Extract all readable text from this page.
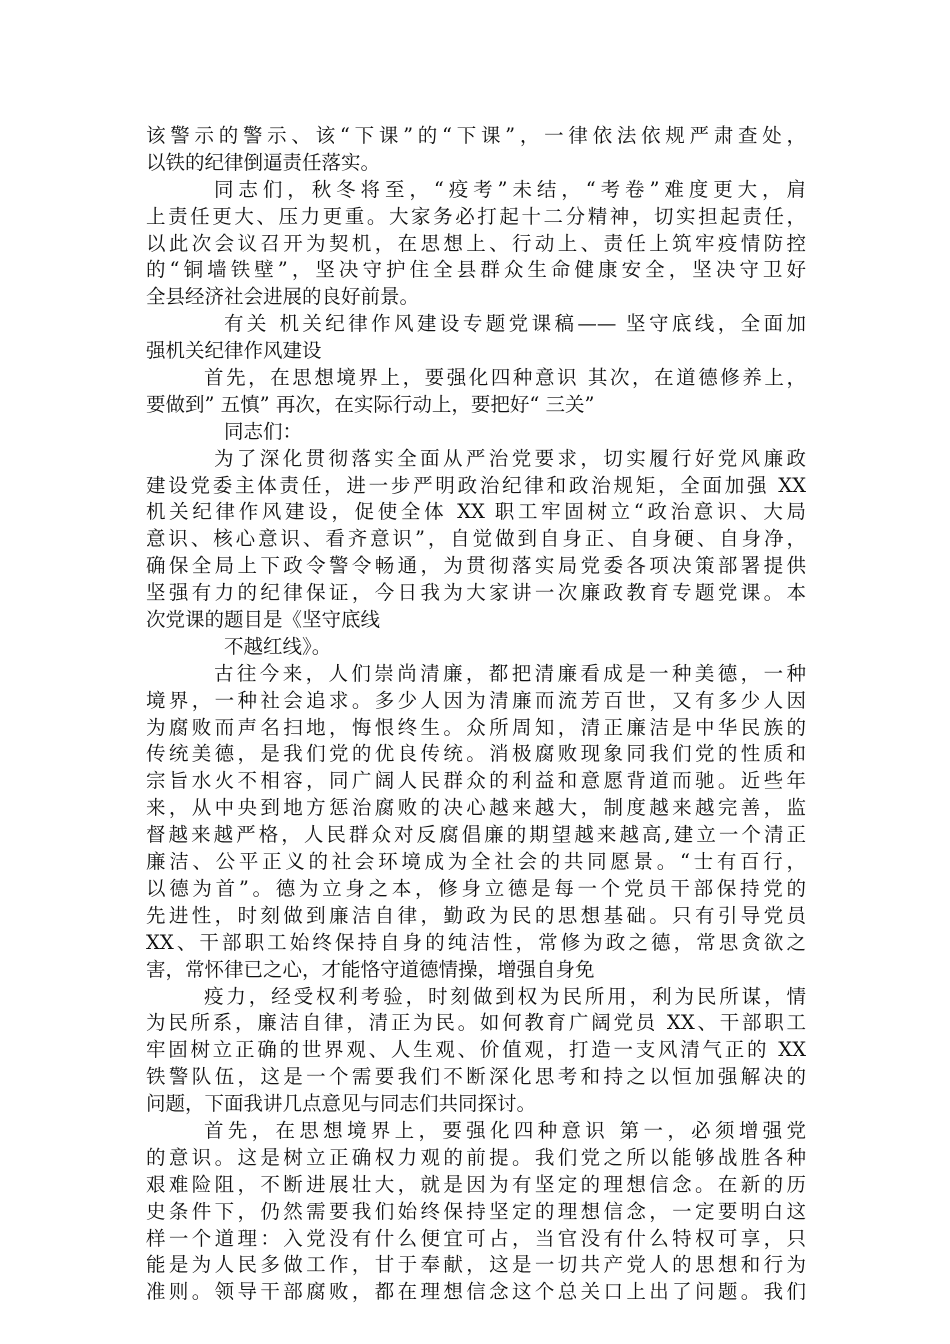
该警示的警示、该“下课”的“下课”，一律依法依规严肃查处，
以铁的纪律倒逼责任落实。
同志们，秋冬将至，“疫考”未结，“考卷”难度更大，肩
上责任更大、压力更重。大家务必打起十二分精神，切实担起责任，
以此次会议召开为契机，在思想上、行动上、责任上筑牢疫情防控
的“铜墙铁壁”，坚决守护住全县群众生命健康安全，坚决守卫好
全县经济社会进展的良好前景。
有关 机关纪律作风建设专题党课稿—— 坚守底线，全面加
强机关纪律作风建设
首先，在思想境界上，要强化四种意识 其次，在道德修养上，
要做到” 五慎” 再次，在实际行动上，要把好“ 三关”
同志们：
为了深化贯彻落实全面从严治党要求，切实履行好党风廉政
建设党委主体责任，进一步严明政治纪律和政治规矩，全面加强 XX
机关纪律作风建设，促使全体 XX 职工牢固树立“政治意识、大局
意识、核心意识、看齐意识”，自觉做到自身正、自身硬、自身净，
确保全局上下政令警令畅通，为贯彻落实局党委各项决策部署提供
坚强有力的纪律保证，今日我为大家讲一次廉政教育专题党课。本
次党课的题目是《坚守底线
不越红线》。
古往今来，人们崇尚清廉，都把清廉看成是一种美德，一种
境界，一种社会追求。多少人因为清廉而流芳百世，又有多少人因
为腐败而声名扫地，悔恨终生。众所周知，清正廉洁是中华民族的
传统美德，是我们党的优良传统。消极腐败现象同我们党的性质和
宗旨水火不相容，同广阔人民群众的利益和意愿背道而驰。近些年
来，从中央到地方惩治腐败的决心越来越大，制度越来越完善，监
督越来越严格，人民群众对反腐倡廉的期望越来越高,建立一个清正
廉洁、公平正义的社会环境成为全社会的共同愿景。“士有百行，
以德为首”。德为立身之本，修身立德是每一个党员干部保持党的
先进性，时刻做到廉洁自律，勤政为民的思想基础。只有引导党员
XX、干部职工始终保持自身的纯洁性，常修为政之德，常思贪欲之
害，常怀律已之心，才能恪守道德情操，增强自身免
疫力，经受权利考验，时刻做到权为民所用，利为民所谋，情
为民所系，廉洁自律，清正为民。如何教育广阔党员 XX、干部职工
牢固树立正确的世界观、人生观、价值观，打造一支风清气正的 XX
铁警队伍，这是一个需要我们不断深化思考和持之以恒加强解决的
问题，下面我讲几点意见与同志们共同探讨。
首先，在思想境界上，要强化四种意识 第一，必须增强党
的意识。这是树立正确权力观的前提。我们党之所以能够战胜各种
艰难险阻，不断进展壮大，就是因为有坚定的理想信念。在新的历
史条件下，仍然需要我们始终保持坚定的理想信念，一定要明白这
样一个道理：入党没有什么便宜可占，当官没有什么特权可享，只
能是为人民多做工作，甘于奉献，这是一切共产党人的思想和行为
准则。领导干部腐败，都在理想信念这个总关口上出了问题。我们
